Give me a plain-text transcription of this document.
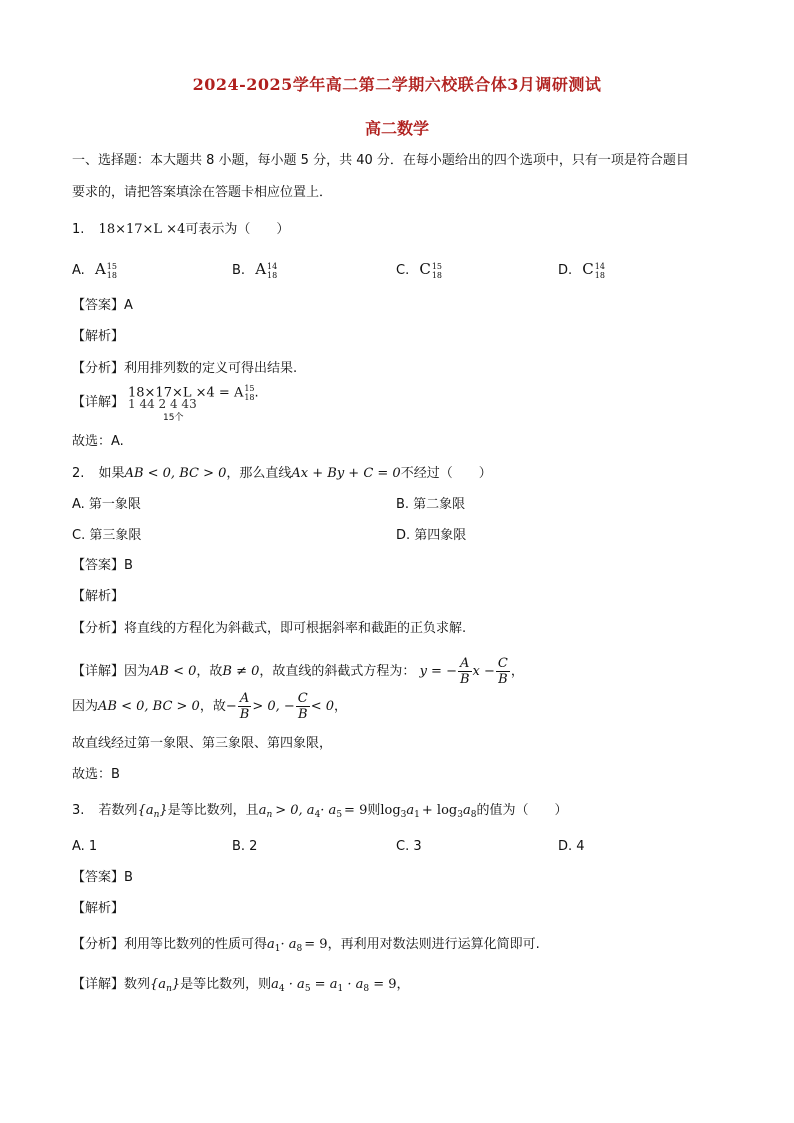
2024-2025学年高二第二学期六校联合体3月调研测试
高二数学
一、选择题：本大题共 8 小题，每小题 5 分，共 40 分．在每小题给出的四个选项中，只有一项是符合题目
要求的，请把答案填涂在答题卡相应位置上．
1. 18×17×L ×4可表示为（　　）
A. A 15
18	B. A 14
18	C. C 15
18	D. C 14
18
【答案】A
【解析】
【分析】利用排列数的定义可得出结果.
【详解】
18×17×L ×4 = A 15
18 .
1 44 2 4 43
15个
故选：A.
2. 如果AB < 0, BC > 0，那么直线Ax + By + C = 0不经过（　　）
A. 第一象限	B. 第二象限
C. 第三象限	D. 第四象限
【答案】B
【解析】
【分析】将直线的方程化为斜截式，即可根据斜率和截距的正负求解.
【详解】因为AB < 0，故B ≠ 0，故直线的斜截式方程为： y = − $\frac{A}{B}$ $x - \frac{C}{B}$ ，
因为AB < 0, BC > 0，故− $\frac{A}{B} > 0$, − $\frac{C}{B} < 0$，
故直线经过第一象限、第三象限、第四象限，
故选：B
3. 若数列$\{a_n\}$是等比数列，且$a_n > 0$, $a_4\cdot a_5 = 9$则$\log_3a_1 + \log_3a_8$的值为（　　）
A. 1	B. 2	C. 3	D. 4
【答案】B
【解析】
【分析】利用等比数列的性质可得$a_1\cdot a_8 = 9$，再利用对数法则进行运算化简即可.
【详解】数列$\{a_n\}$是等比数列，则$a_4 \cdot a_5 = a_1 \cdot a_8 = 9$，
